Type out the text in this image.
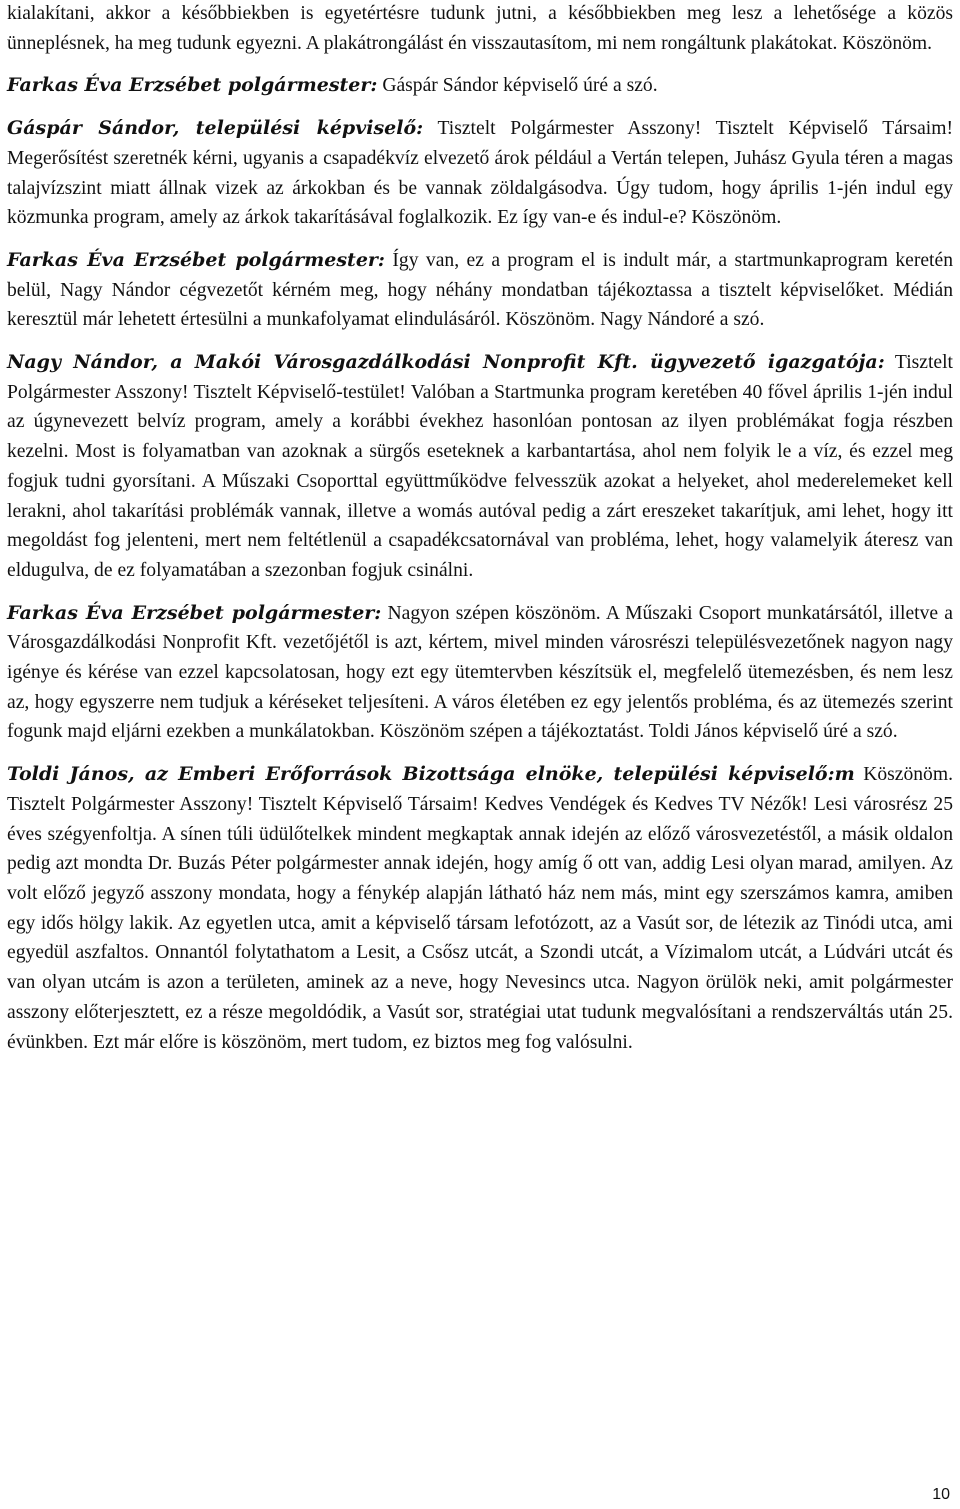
kialakítani, akkor a későbbiekben is egyetértésre tudunk jutni, a későbbiekben meg lesz a lehetősége a közös ünneplésnek, ha meg tudunk egyezni. A plakátrongálást én visszautasítom, mi nem rongáltunk plakátokat. Köszönöm.

Farkas Éva Erzsébet polgármester: Gáspár Sándor képviselő úré a szó.

Gáspár Sándor, települési képviselő: Tisztelt Polgármester Asszony! Tisztelt Képviselő Társaim! Megerősítést szeretnék kérni, ugyanis a csapadékvíz elvezető árok például a Vertán telepen, Juhász Gyula téren a magas talajvízszint miatt állnak vizek az árkokban és be vannak zöldalgásodva. Úgy tudom, hogy április 1-jén indul egy közmunka program, amely az árkok takarításával foglalkozik. Ez így van-e és indul-e? Köszönöm.

Farkas Éva Erzsébet polgármester: Így van, ez a program el is indult már, a startmunkaprogram keretén belül, Nagy Nándor cégvezetőt kérném meg, hogy néhány mondatban tájékoztassa a tisztelt képviselőket. Médián keresztül már lehetett értesülni a munkafolyamat elindulásáról. Köszönöm. Nagy Nándoré a szó.

Nagy Nándor, a Makói Városgazdálkodási Nonprofit Kft. ügyvezető igazgatója: Tisztelt Polgármester Asszony! Tisztelt Képviselő-testület! Valóban a Startmunka program keretében 40 fővel április 1-jén indul az úgynevezett belvíz program, amely a korábbi évekhez hasonlóan pontosan az ilyen problémákat fogja részben kezelni. Most is folyamatban van azoknak a sürgős eseteknek a karbantartása, ahol nem folyik le a víz, és ezzel meg fogjuk tudni gyorsítani. A Műszaki Csoporttal együttműködve felvesszük azokat a helyeket, ahol mederelemeket kell lerakni, ahol takarítási problémák vannak, illetve a womás autóval pedig a zárt ereszeket takarítjuk, ami lehet, hogy itt megoldást fog jelenteni, mert nem feltétlenül a csapadékcsatornával van probléma, lehet, hogy valamelyik áteresz van eldugulva, de ez folyamatában a szezonban fogjuk csinálni.

Farkas Éva Erzsébet polgármester: Nagyon szépen köszönöm. A Műszaki Csoport munkatársától, illetve a Városgazdálkodási Nonprofit Kft. vezetőjétől is azt, kértem, mivel minden városrészi településvezetőnek nagyon nagy igénye és kérése van ezzel kapcsolatosan, hogy ezt egy ütemtervben készítsük el, megfelelő ütemezésben, és nem lesz az, hogy egyszerre nem tudjuk a kéréseket teljesíteni. A város életében ez egy jelentős probléma, és az ütemezés szerint fogunk majd eljárni ezekben a munkálatokban. Köszönöm szépen a tájékoztatást. Toldi János képviselő úré a szó.

Toldi János, az Emberi Erőforrások Bizottsága elnöke, települési képviselő:m Köszönöm. Tisztelt Polgármester Asszony! Tisztelt Képviselő Társaim! Kedves Vendégek és Kedves TV Nézők! Lesi városrész 25 éves szégyenfoltja. A sínen túli üdülőtelkek mindent megkaptak annak idején az előző városvezetéstől, a másik oldalon pedig azt mondta Dr. Buzás Péter polgármester annak idején, hogy amíg ő ott van, addig Lesi olyan marad, amilyen. Az volt előző jegyző asszony mondata, hogy a fénykép alapján látható ház nem más, mint egy szerszámos kamra, amiben egy idős hölgy lakik. Az egyetlen utca, amit a képviselő társam lefotózott, az a Vasút sor, de létezik az Tinódi utca, ami egyedül aszfaltos. Onnantól folytathatom a Lesit, a Csősz utcát, a Szondi utcát, a Vízimalom utcát, a Lúdvári utcát és van olyan utcám is azon a területen, aminek az a neve, hogy Nevesincs utca. Nagyon örülök neki, amit polgármester asszony előterjesztett, ez a része megoldódik, a Vasút sor, stratégiai utat tudunk megvalósítani a rendszerváltás után 25. évünkben. Ezt már előre is köszönöm, mert tudom, ez biztos meg fog valósulni.

10
